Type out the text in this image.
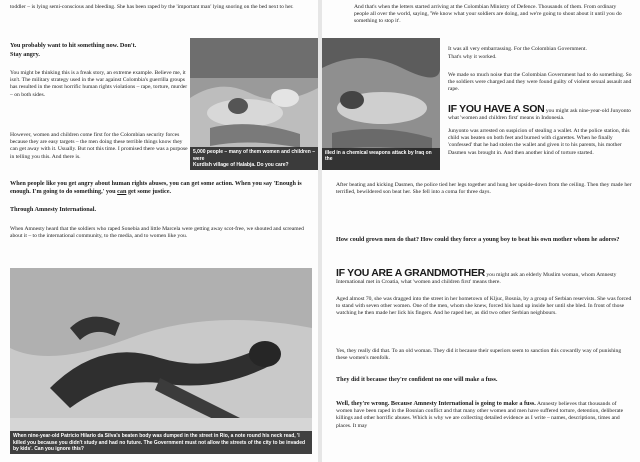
toddler – is lying semi-conscious and bleeding. She has been raped by the 'important man' lying snoring on the bed next to her.

You probably want to hit something now. Don't.

Stay angry.

You might be thinking this is a freak story, an extreme example. Believe me, it isn't. The military strategy used in the war against Colombia's guerrilla groups has resulted in the most horrific human rights violations – rape, torture, murder – on both sides.

However, women and children come first for the Colombian security forces because they are easy targets – the men doing these terrible things know they can get away with it. Usually. But not this time. I promised there was a purpose in telling you this. And there is.

5,000 people – many of them women and children – were
Kurdish village of Halabja. Do you care?

When people like you get angry about human rights abuses, you can get some action. When you say 'Enough is enough. I'm going to do something,' you can get some justice.

Through Amnesty International.

When Amnesty heard that the soldiers who raped Sonebia and little Marcela were getting away scot-free, we shouted and screamed about it – to the international community, to the media, and to women like you.

When nine-year-old Patricio Hilario da Silva's beaten body was dumped in the street in Rio, a note round his neck read, 'I killed you because you didn't study and had no future. The Government must not allow the streets of the city to be invaded by kids'. Can you ignore this?
illed in a chemical weapons attack by Iraq on the

And that's when the letters started arriving at the Colombian Ministry of Defence. Thousands of them. From ordinary people all over the world, saying, 'We know what your soldiers are doing, and we're going to shout about it until you do something to stop it'.

It was all very embarrassing. For the Colombian Government.

That's why it worked.

We made so much noise that the Colombian Government had to do something. So the soldiers were charged and they were found guilty of violent sexual assault and rape.

IF YOU HAVE A SON you might ask nine-year-old Junyonto what 'women and children first' means in Indonesia.

Junyonto was arrested on suspicion of stealing a wallet. At the police station, this child was beaten on both feet and burned with cigarettes. When he finally 'confessed' that he had stolen the wallet and given it to his parents, his mother Dasmen was brought in. And then another kind of torture started.

After beating and kicking Dasmen, the police tied her legs together and hung her upside-down from the ceiling. Then they made her terrified, bewildered son beat her. She fell into a coma for three days.

How could grown men do that? How could they force a young boy to beat his own mother whom he adores?

IF YOU ARE A GRANDMOTHER you might ask an elderly Muslim woman, whom Amnesty International met in Croatia, what 'women and children first' means there.

Aged almost 70, she was dragged into the street in her hometown of Kljuc, Bosnia, by a group of Serbian reservists. She was forced to stand with seven other women. One of the men, whom she knew, forced his hand up inside her until she bled. In front of those watching he then made her lick his fingers. And he raped her, as did two other Serbian neighbours.

Yes, they really did that. To an old woman. They did it because their superiors seem to sanction this cowardly way of punishing these women's menfolk.

They did it because they're confident no one will make a fuss.

Well, they're wrong. Because Amnesty International is going to make a fuss. Amnesty believes that thousands of women have been raped in the Bosnian conflict and that many other women and men have suffered torture, detention, deliberate killings and other horrific abuses. Which is why we are collecting detailed evidence as I write – names, descriptions, times and places. It may
